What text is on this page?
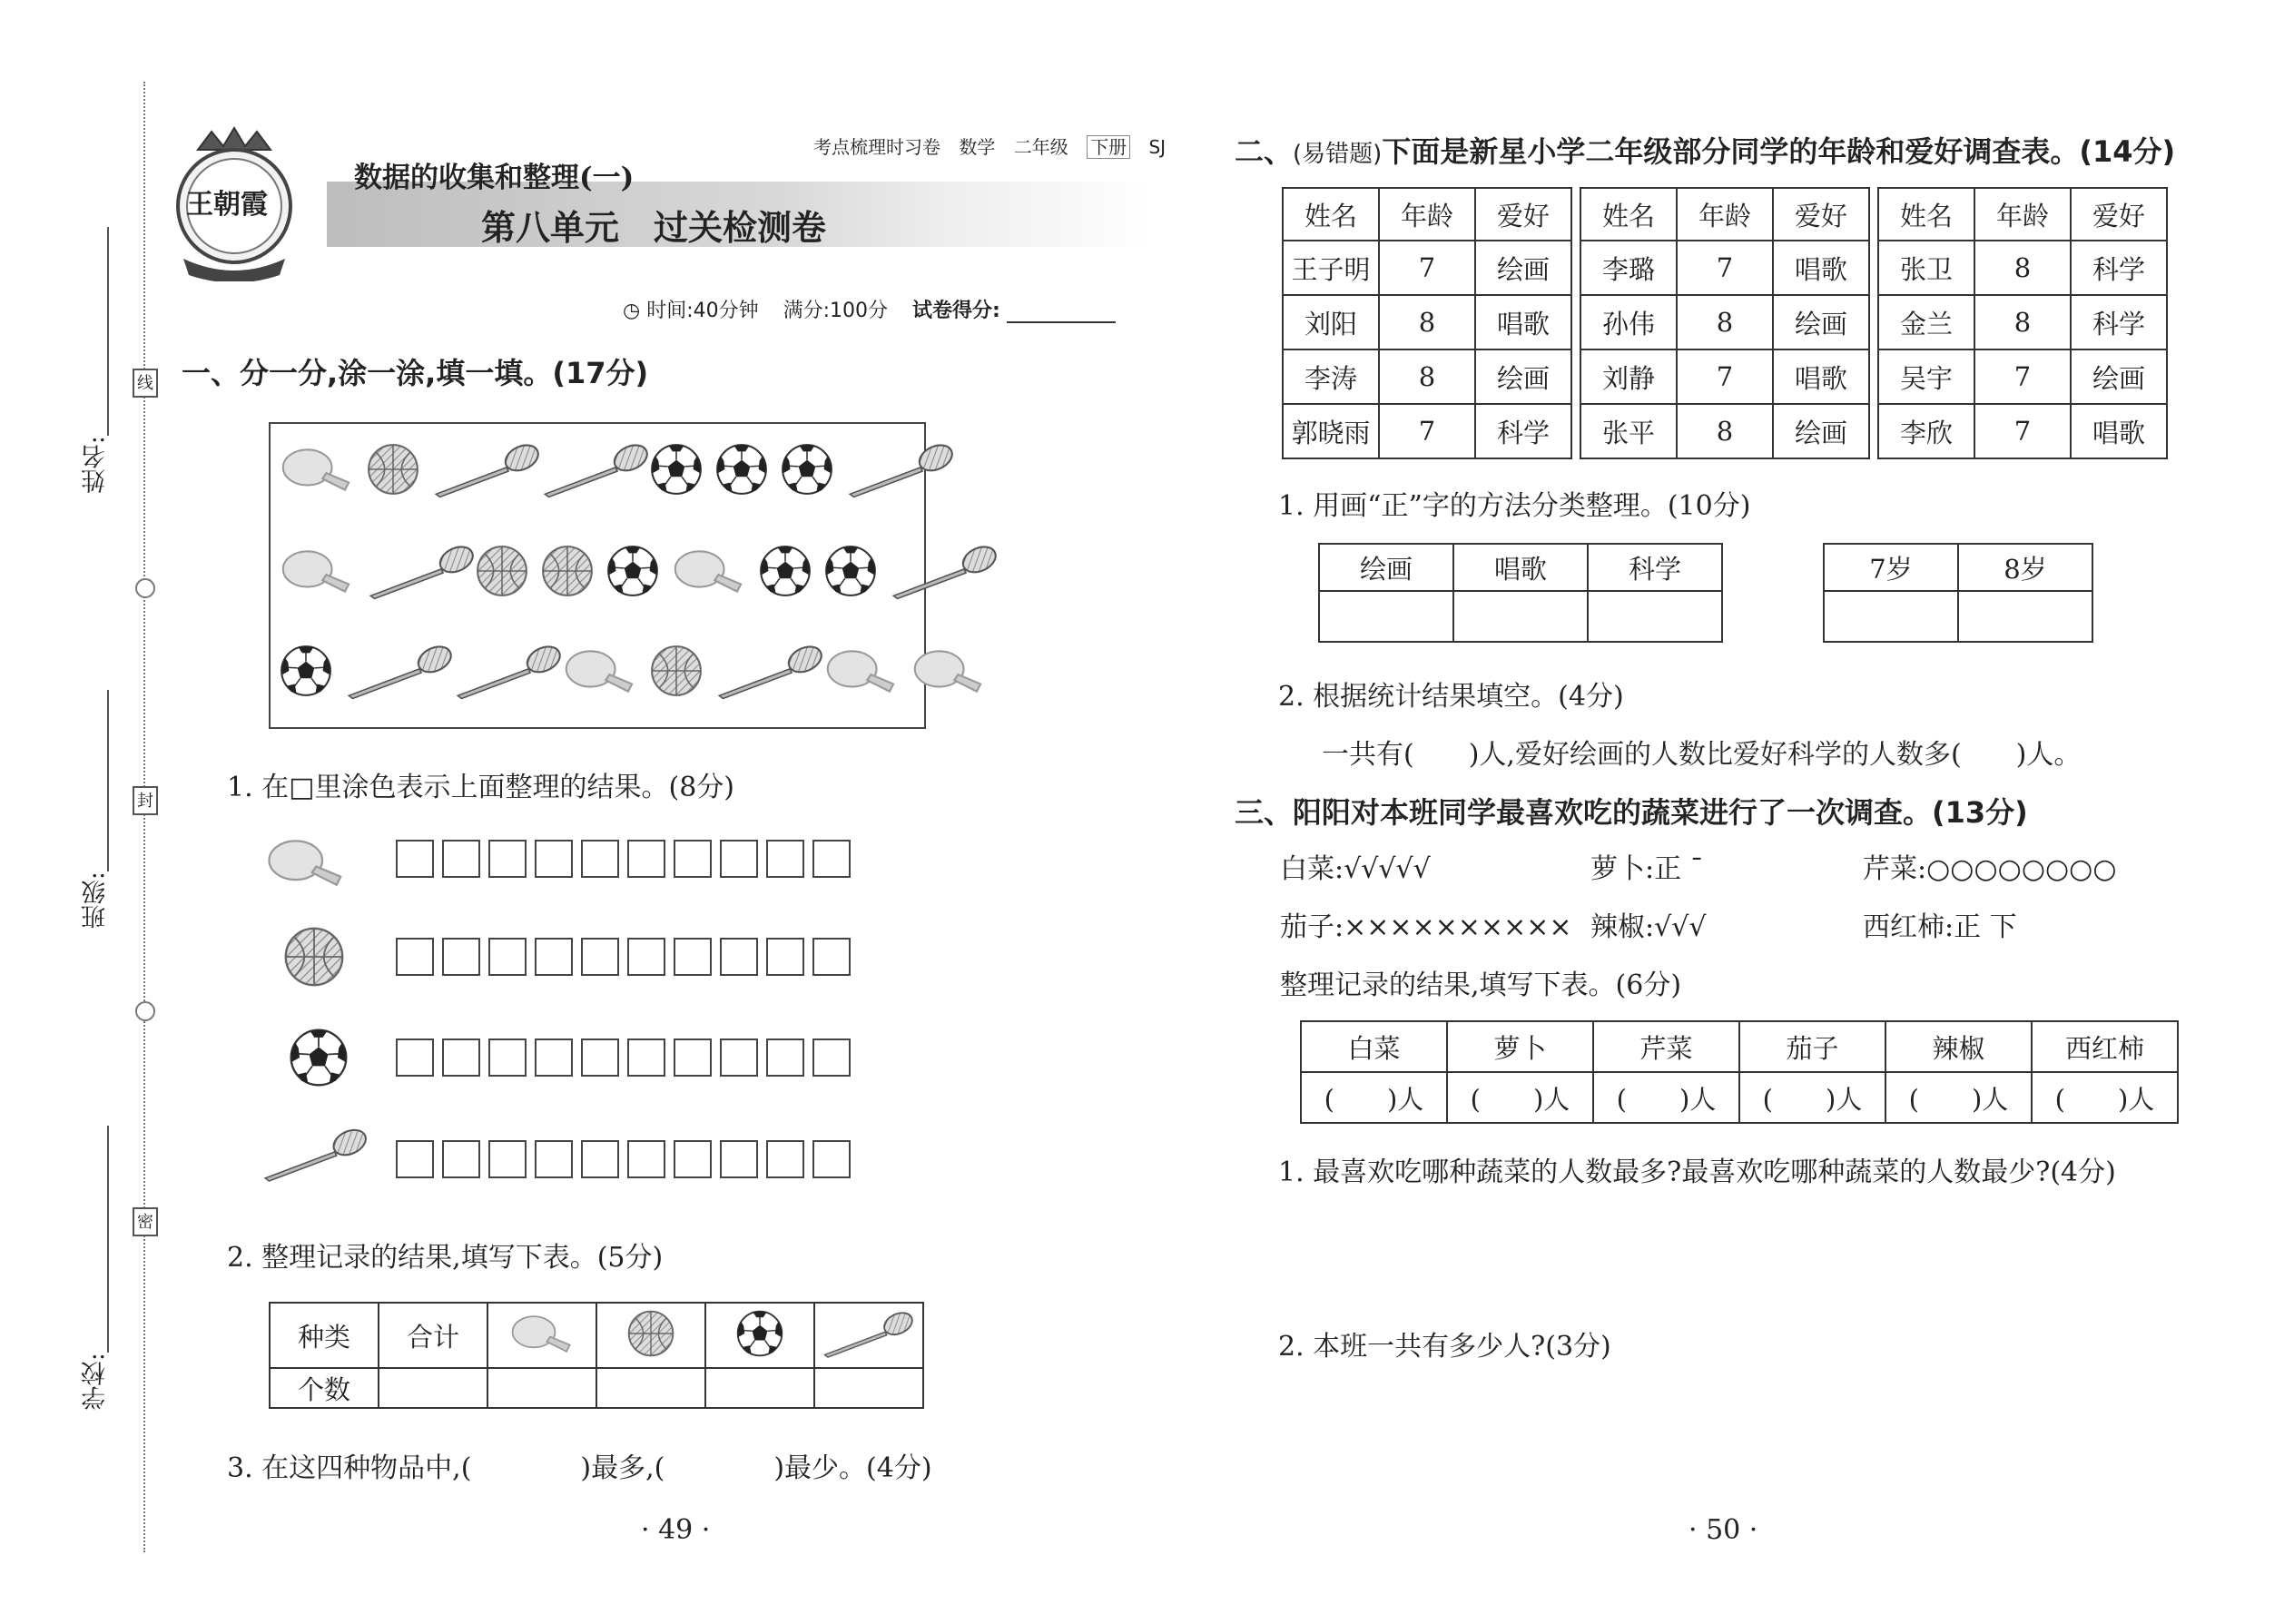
姓名:
班级:
学校:
线
封
密
王朝霞
考点梳理时习卷 数学 二年级 下册 SJ
数据的收集和整理(一)
第八单元　过关检测卷
◷ 时间:40分钟 满分:100分 试卷得分:
一、分一分,涂一涂,填一填。(17分)
1. 在□里涂色表示上面整理的结果。(8分)
2. 整理记录的结果,填写下表。(5分)
种类	合计				
个数					
3. 在这四种物品中,(　　　　)最多,(　　　　)最少。(4分)
· 49 ·
二、(易错题)下面是新星小学二年级部分同学的年龄和爱好调查表。(14分)
姓名	年龄	爱好
王子明	7	绘画
刘阳	8	唱歌
李涛	8	绘画
郭晓雨	7	科学
姓名	年龄	爱好
李璐	7	唱歌
孙伟	8	绘画
刘静	7	唱歌
张平	8	绘画
姓名	年龄	爱好
张卫	8	科学
金兰	8	科学
吴宇	7	绘画
李欣	7	唱歌
1. 用画“正”字的方法分类整理。(10分)
绘画	唱歌	科学
			7岁	8岁

2. 根据统计结果填空。(4分)
一共有(　　)人,爱好绘画的人数比爱好科学的人数多(　　)人。
三、阳阳对本班同学最喜欢吃的蔬菜进行了一次调查。(13分)
白菜:√√√√√	萝卜:正 ˉ	芹菜:○○○○○○○○
茄子:×××××××××× 辣椒:√√√	西红柿:正 下
整理记录的结果,填写下表。(6分)
白菜	萝卜	芹菜	茄子	辣椒	西红柿
(　　)人	(　　)人	(　　)人	(　　)人	(　　)人	(　　)人
1. 最喜欢吃哪种蔬菜的人数最多?最喜欢吃哪种蔬菜的人数最少?(4分)
2. 本班一共有多少人?(3分)
· 50 ·
